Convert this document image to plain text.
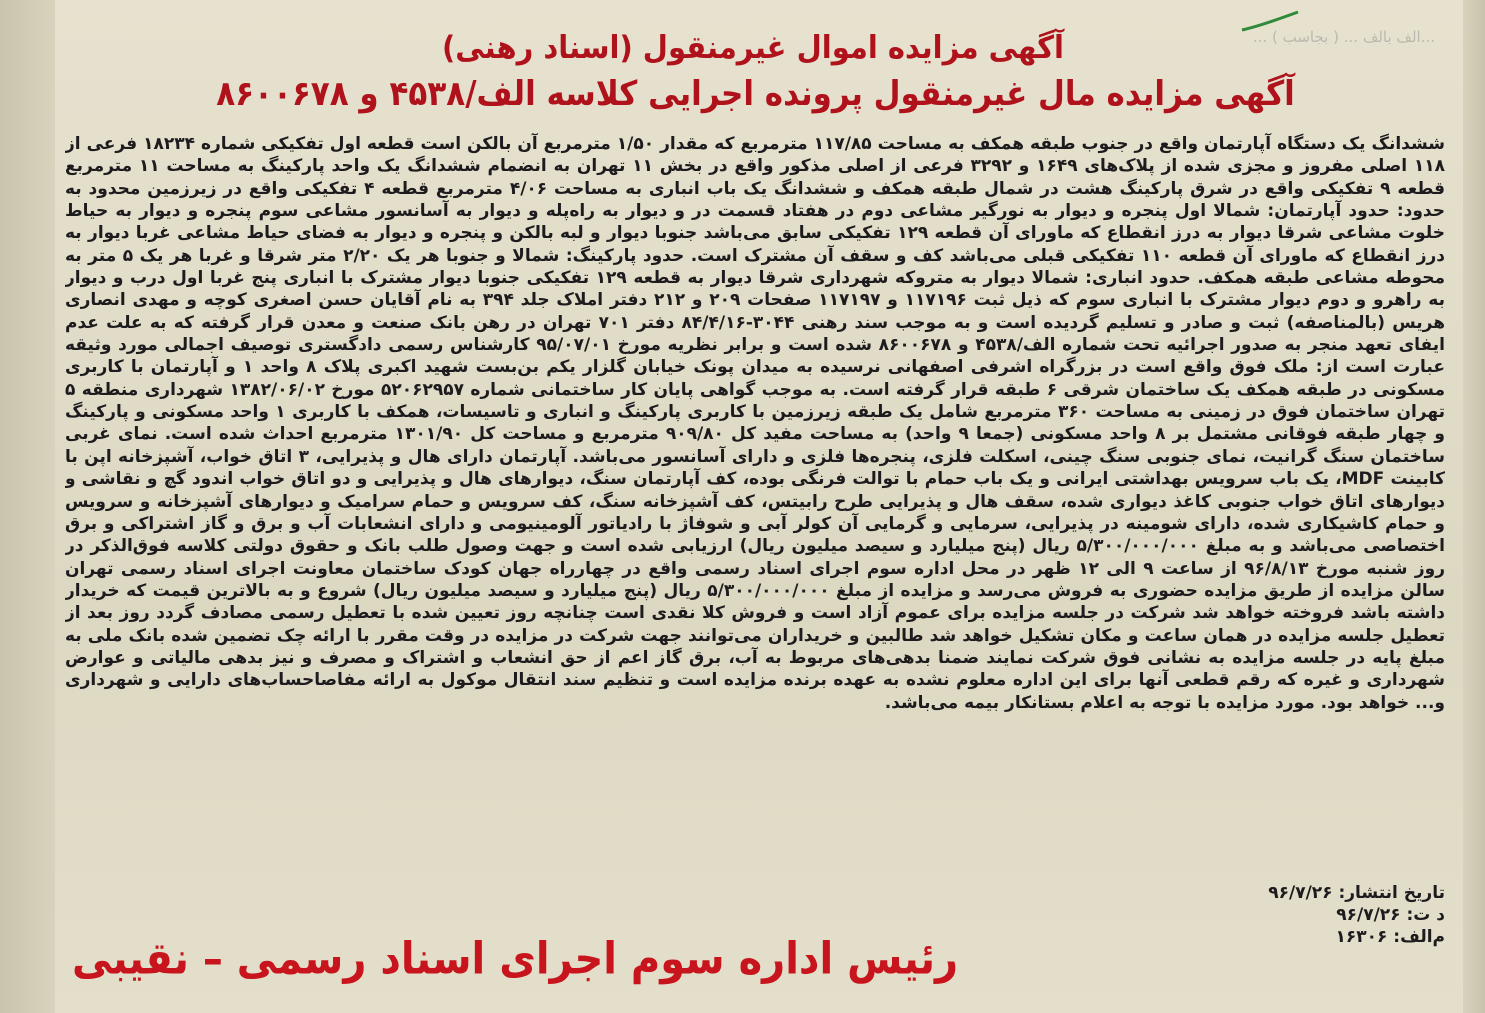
...الف بالف ... ( بجاسب ) ...
آگهی مزایده اموال غیرمنقول (اسناد رهنی)
آگهی مزایده مال غیرمنقول پرونده اجرایی کلاسه الف/۴۵۳۸ و ۸۶۰۰۶۷۸
ششدانگ یک دستگاه آپارتمان واقع در جنوب طبقه همکف به مساحت ۱۱۷/۸۵ مترمربع که مقدار ۱/۵۰ مترمربع آن بالکن است قطعه اول تفکیکی شماره ۱۸۲۳۴ فرعی از ۱۱۸ اصلی مفروز و مجزی شده از پلاک‌های ۱۶۴۹ و ۳۲۹۲ فرعی از اصلی مذکور واقع در بخش ۱۱ تهران به انضمام ششدانگ یک واحد پارکینگ به مساحت ۱۱ مترمربع قطعه ۹ تفکیکی واقع در شرق پارکینگ هشت در شمال طبقه همکف و ششدانگ یک باب انباری به مساحت ۴/۰۶ مترمربع قطعه ۴ تفکیکی واقع در زیرزمین محدود به حدود: حدود آپارتمان: شمالا اول پنجره و دیوار به نورگیر مشاعی دوم در هفتاد قسمت در و دیوار به راه‌پله و دیوار به آسانسور مشاعی سوم پنجره و دیوار به حیاط خلوت مشاعی شرقا دیوار به درز انقطاع که ماورای آن قطعه ۱۲۹ تفکیکی سابق می‌باشد جنوبا دیوار و لبه بالکن و پنجره و دیوار به فضای حیاط مشاعی غربا دیوار به درز انقطاع که ماورای آن قطعه ۱۱۰ تفکیکی قبلی می‌باشد کف و سقف آن مشترک است. حدود پارکینگ: شمالا و جنوبا هر یک ۲/۲۰ متر شرقا و غربا هر یک ۵ متر به محوطه مشاعی طبقه همکف. حدود انباری: شمالا دیوار به متروکه شهرداری شرقا دیوار به قطعه ۱۲۹ تفکیکی جنوبا دیوار مشترک با انباری پنج غربا اول درب و دیوار به راهرو و دوم دیوار مشترک با انباری سوم که ذیل ثبت ۱۱۷۱۹۶ و ۱۱۷۱۹۷ صفحات ۲۰۹ و ۲۱۲ دفتر املاک جلد ۳۹۴ به نام آقایان حسن اصغری کوچه و مهدی انصاری هریس (بالمناصفه) ثبت و صادر و تسلیم گردیده است و به موجب سند رهنی ۳۰۴۴-۸۴/۴/۱۶ دفتر ۷۰۱ تهران در رهن بانک صنعت و معدن قرار گرفته که به علت عدم ایفای تعهد منجر به صدور اجرائیه تحت شماره الف/۴۵۳۸ و ۸۶۰۰۶۷۸ شده است و برابر نظریه مورخ ۹۵/۰۷/۰۱ کارشناس رسمی دادگستری توصیف اجمالی مورد وثیقه عبارت است از: ملک فوق واقع است در بزرگراه اشرفی اصفهانی نرسیده به میدان پونک خیابان گلزار یکم بن‌بست شهید اکبری پلاک ۸ واحد ۱ و آپارتمان با کاربری مسکونی در طبقه همکف یک ساختمان شرقی ۶ طبقه قرار گرفته است. به موجب گواهی پایان کار ساختمانی شماره ۵۲۰۶۲۹۵۷ مورخ ۱۳۸۲/۰۶/۰۲ شهرداری منطقه ۵ تهران ساختمان فوق در زمینی به مساحت ۳۶۰ مترمربع شامل یک طبقه زیرزمین با کاربری پارکینگ و انباری و تاسیسات، همکف با کاربری ۱ واحد مسکونی و پارکینگ و چهار طبقه فوقانی مشتمل بر ۸ واحد مسکونی (جمعا ۹ واحد) به مساحت مفید کل ۹۰۹/۸۰ مترمربع و مساحت کل ۱۳۰۱/۹۰ مترمربع احداث شده است. نمای غربی ساختمان سنگ گرانیت، نمای جنوبی سنگ چینی، اسکلت فلزی، پنجره‌ها فلزی و دارای آسانسور می‌باشد. آپارتمان دارای هال و پذیرایی، ۳ اتاق خواب، آشپزخانه اپن با کابینت MDF، یک باب سرویس بهداشتی ایرانی و یک باب حمام با توالت فرنگی بوده، کف آپارتمان سنگ، دیوارهای هال و پذیرایی و دو اتاق خواب اندود گچ و نقاشی و دیوارهای اتاق خواب جنوبی کاغذ دیواری شده، سقف هال و پذیرایی طرح رابیتس، کف آشپزخانه سنگ، کف سرویس و حمام سرامیک و دیوارهای آشپزخانه و سرویس و حمام کاشیکاری شده، دارای شومینه در پذیرایی، سرمایی و گرمایی آن کولر آبی و شوفاژ با رادیاتور آلومینیومی و دارای انشعابات آب و برق و گاز اشتراکی و برق اختصاصی می‌باشد و به مبلغ ۵/۳۰۰/۰۰۰/۰۰۰ ریال (پنج میلیارد و سیصد میلیون ریال) ارزیابی شده است و جهت وصول طلب بانک و حقوق دولتی کلاسه فوق‌الذکر در روز شنبه مورخ ۹۶/۸/۱۳ از ساعت ۹ الی ۱۲ ظهر در محل اداره سوم اجرای اسناد رسمی واقع در چهارراه جهان کودک ساختمان معاونت اجرای اسناد رسمی تهران سالن مزایده از طریق مزایده حضوری به فروش می‌رسد و مزایده از مبلغ ۵/۳۰۰/۰۰۰/۰۰۰ ریال (پنج میلیارد و سیصد میلیون ریال) شروع و به بالاترین قیمت که خریدار داشته باشد فروخته خواهد شد شرکت در جلسه مزایده برای عموم آزاد است و فروش کلا نقدی است چنانچه روز تعیین شده با تعطیل رسمی مصادف گردد روز بعد از تعطیل جلسه مزایده در همان ساعت و مکان تشکیل خواهد شد طالبین و خریداران می‌توانند جهت شرکت در مزایده در وقت مقرر با ارائه چک تضمین شده بانک ملی به مبلغ پایه در جلسه مزایده به نشانی فوق شرکت نمایند ضمنا بدهی‌های مربوط به آب، برق گاز اعم از حق انشعاب و اشتراک و مصرف و نیز بدهی مالیاتی و عوارض شهرداری و غیره که رقم قطعی آنها برای این اداره معلوم نشده به عهده برنده مزایده است و تنظیم سند انتقال موکول به ارائه مفاصاحساب‌های دارایی و شهرداری و... خواهد بود. مورد مزایده با توجه به اعلام بستانکار بیمه می‌باشد.
تاریخ انتشار: ۹۶/۷/۲۶
د ت: ۹۶/۷/۲۶
م‌الف: ۱۶۳۰۶
رئیس اداره سوم اجرای اسناد رسمی – نقیبی
